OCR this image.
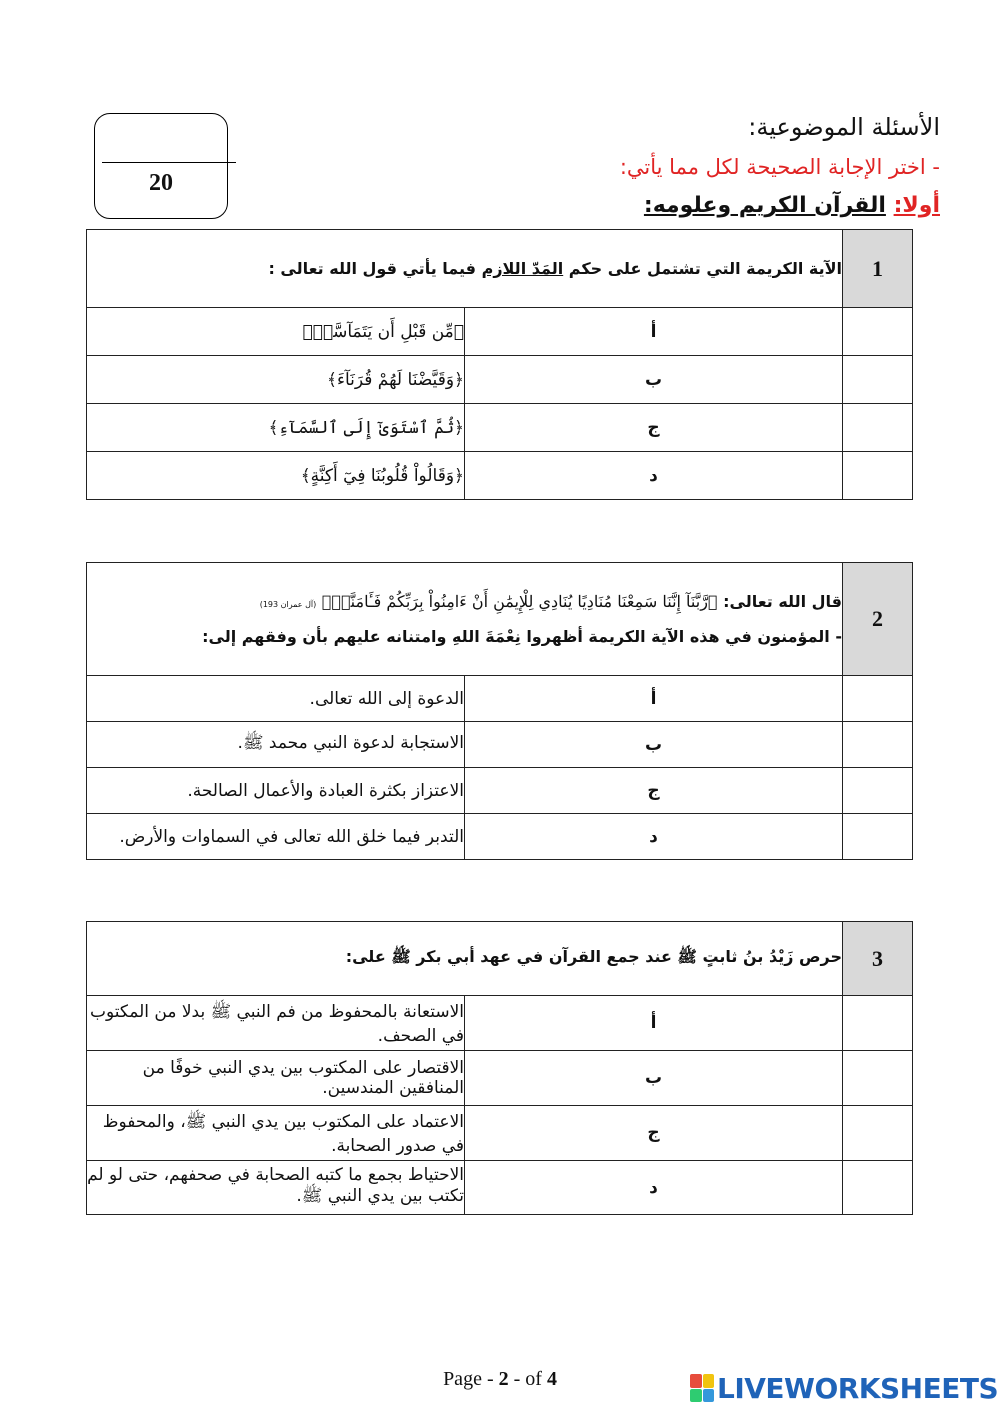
20
الأسئلة الموضوعية:
- اختر الإجابة الصحيحة لكل مما يأتي:
أولا: القرآن الكريم وعلومه:
1	الآية الكريمة التي تشتمل على حكم المَدّ اللازم فيما يأتي قول الله تعالى :	
	أ	﴿مِّن قَبْلِ أَن يَتَمَآسَّاۚ﴾
	ب	﴿وَقَيَّضْنَا لَهُمْ قُرَنَآءَ﴾
	ج	﴿ثُمَّ ٱسْتَوَىٰٓ إِلَى ٱلسَّمَآءِ﴾
	د	﴿وَقَالُواْ قُلُوبُنَا فِيٓ أَكِنَّةٍ﴾
2	قال الله تعالى: ﴿رَّبَّنَآ إِنَّنَا سَمِعْنَا مُنَادِيًا يُنَادِي لِلْإِيمَٰنِ أَنْ ءَامِنُواْ بِرَبِّكُمْ فَـَٔامَنَّاۚ﴾ (آل عمران 193)
- المؤمنون في هذه الآية الكريمة أظهروا نِعْمَةَ اللهِ وامتنانه عليهم بأن وفقهم إلى:	

	أ	الدعوة إلى الله تعالى.
	ب	الاستجابة لدعوة النبي محمد ﷺ.
	ج	الاعتزاز بكثرة العبادة والأعمال الصالحة.
	د	التدبر فيما خلق الله تعالى في السماوات والأرض.
3	حرص زَيْدُ بنُ ثابتٍ ﷺ عند جمع القرآن في عهد أبي بكر ﷺ على:	
	أ	الاستعانة بالمحفوظ من فم النبي ﷺ بدلا من المكتوب في الصحف.
	ب	الاقتصار على المكتوب بين يدي النبي خوفًا من المنافقين المندسين.
	ج	الاعتماد على المكتوب بين يدي النبي ﷺ، والمحفوظ في صدور الصحابة.
	د	الاحتياط بجمع ما كتبه الصحابة في صحفهم، حتى لو لم تكتب بين يدي النبي ﷺ.
Page - 2 - of 4	LIVEWORKSHEETS
